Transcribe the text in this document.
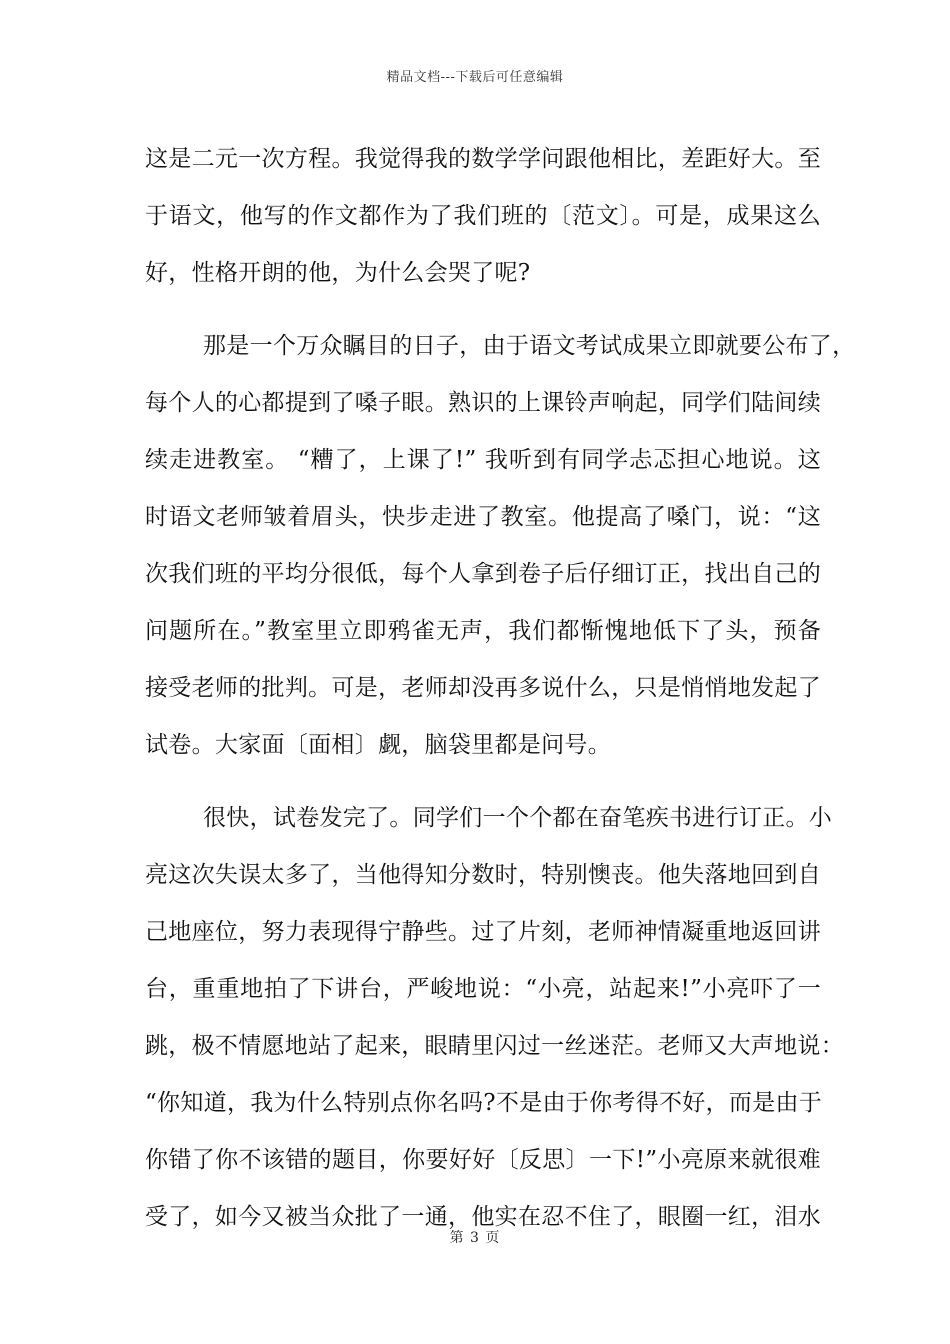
精品文档---下载后可任意编辑
这是二元一次方程。我觉得我的数学学问跟他相比，差距好大。至
于语文，他写的作文都作为了我们班的〔范文〕。可是，成果这么
好，性格开朗的他，为什么会哭了呢?
那是一个万众瞩目的日子，由于语文考试成果立即就要公布了，
每个人的心都提到了嗓子眼。熟识的上课铃声响起，同学们陆间续
续走进教室。 “糟了，上课了!” 我听到有同学忐忑担心地说。这
时语文老师皱着眉头，快步走进了教室。他提高了嗓门，说：“这
次我们班的平均分很低，每个人拿到卷子后仔细订正，找出自己的
问题所在。”教室里立即鸦雀无声，我们都惭愧地低下了头，预备
接受老师的批判。可是，老师却没再多说什么，只是悄悄地发起了
试卷。大家面〔面相〕觑，脑袋里都是问号。
很快，试卷发完了。同学们一个个都在奋笔疾书进行订正。小
亮这次失误太多了，当他得知分数时，特别懊丧。他失落地回到自
己地座位，努力表现得宁静些。过了片刻，老师神情凝重地返回讲
台，重重地拍了下讲台，严峻地说：“小亮，站起来!”小亮吓了一
跳，极不情愿地站了起来，眼睛里闪过一丝迷茫。老师又大声地说：
“你知道，我为什么特别点你名吗?不是由于你考得不好，而是由于
你错了你不该错的题目，你要好好〔反思〕一下!”小亮原来就很难
受了，如今又被当众批了一通，他实在忍不住了，眼圈一红，泪水
第 3 页
